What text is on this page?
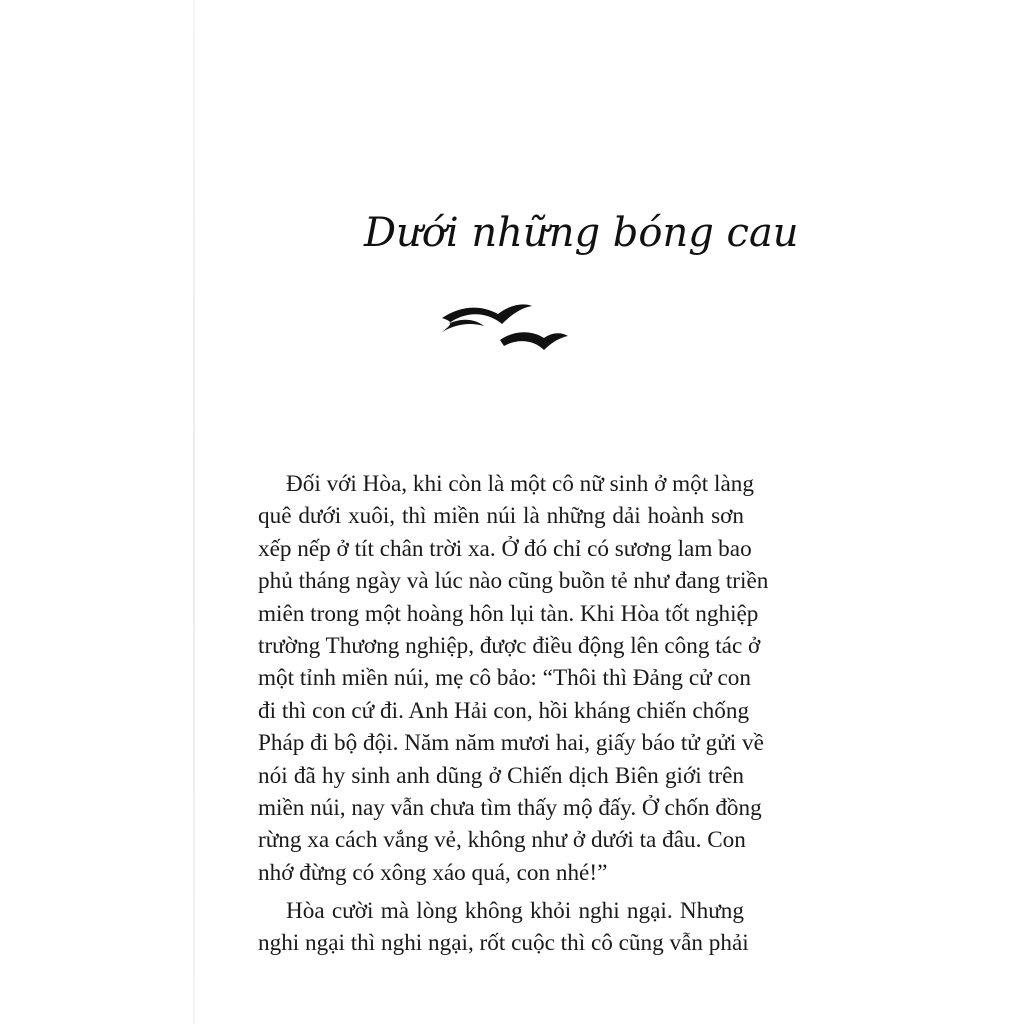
Dưới những bóng cau
Đối với Hòa, khi còn là một cô nữ sinh ở một làng
quê dưới xuôi, thì miền núi là những dải hoành sơn
xếp nếp ở tít chân trời xa. Ở đó chỉ có sương lam bao
phủ tháng ngày và lúc nào cũng buồn tẻ như đang triền
miên trong một hoàng hôn lụi tàn. Khi Hòa tốt nghiệp
trường Thương nghiệp, được điều động lên công tác ở
một tỉnh miền núi, mẹ cô bảo: “Thôi thì Đảng cử con
đi thì con cứ đi. Anh Hải con, hồi kháng chiến chống
Pháp đi bộ đội. Năm năm mươi hai, giấy báo tử gửi về
nói đã hy sinh anh dũng ở Chiến dịch Biên giới trên
miền núi, nay vẫn chưa tìm thấy mộ đấy. Ở chốn đồng
rừng xa cách vắng vẻ, không như ở dưới ta đâu. Con
nhớ đừng có xông xáo quá, con nhé!”
Hòa cười mà lòng không khỏi nghi ngại. Nhưng
nghi ngại thì nghi ngại, rốt cuộc thì cô cũng vẫn phải
